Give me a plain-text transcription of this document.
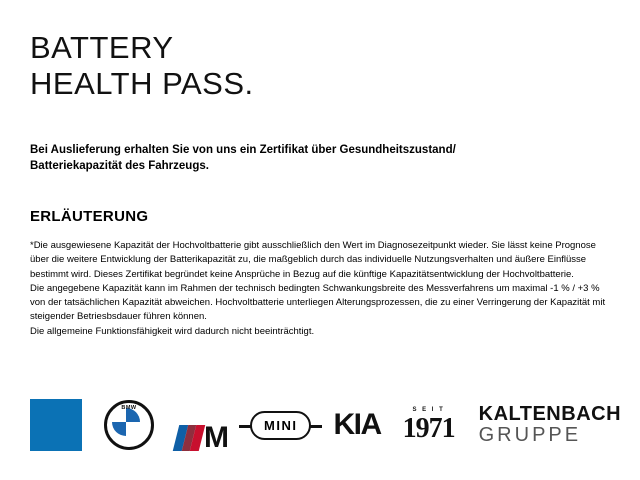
BATTERY
HEALTH PASS.
Bei Auslieferung erhalten Sie von uns ein Zertifikat über Gesundheitszustand/
Batteriekapazität des Fahrzeugs.
ERLÄUTERUNG

*Die ausgewiesene Kapazität der Hochvoltbatterie gibt ausschließlich den Wert im Diagnosezeitpunkt wieder. Sie lässt keine Prognose über die weitere Entwicklung der Batterikapazität zu, die maßgeblich durch das individuelle Nutzungsverhalten und äußere Einflüsse bestimmt wird. Dieses Zertifikat begründet keine Ansprüche in Bezug auf die künftige Kapazitätsentwicklung der Hochvoltbatterie.

Die angegebene Kapazität kann im Rahmen der technisch bedingten Schwankungsbreite des Messverfahrens um maximal -1 % / +3 % von der tatsächlichen Kapazität abweichen. Hochvoltbatterie unterliegen Alterungsprozessen, die zu einer Verringerung der Kapazität mit steigender Betriesbsdauer führen können.

Die allgemeine Funktionsfähigkeit wird dadurch nicht beeinträchtigt.

BMW
M	MINI KIA	S E I T
1971 KALTENBACH
GRUPPE
